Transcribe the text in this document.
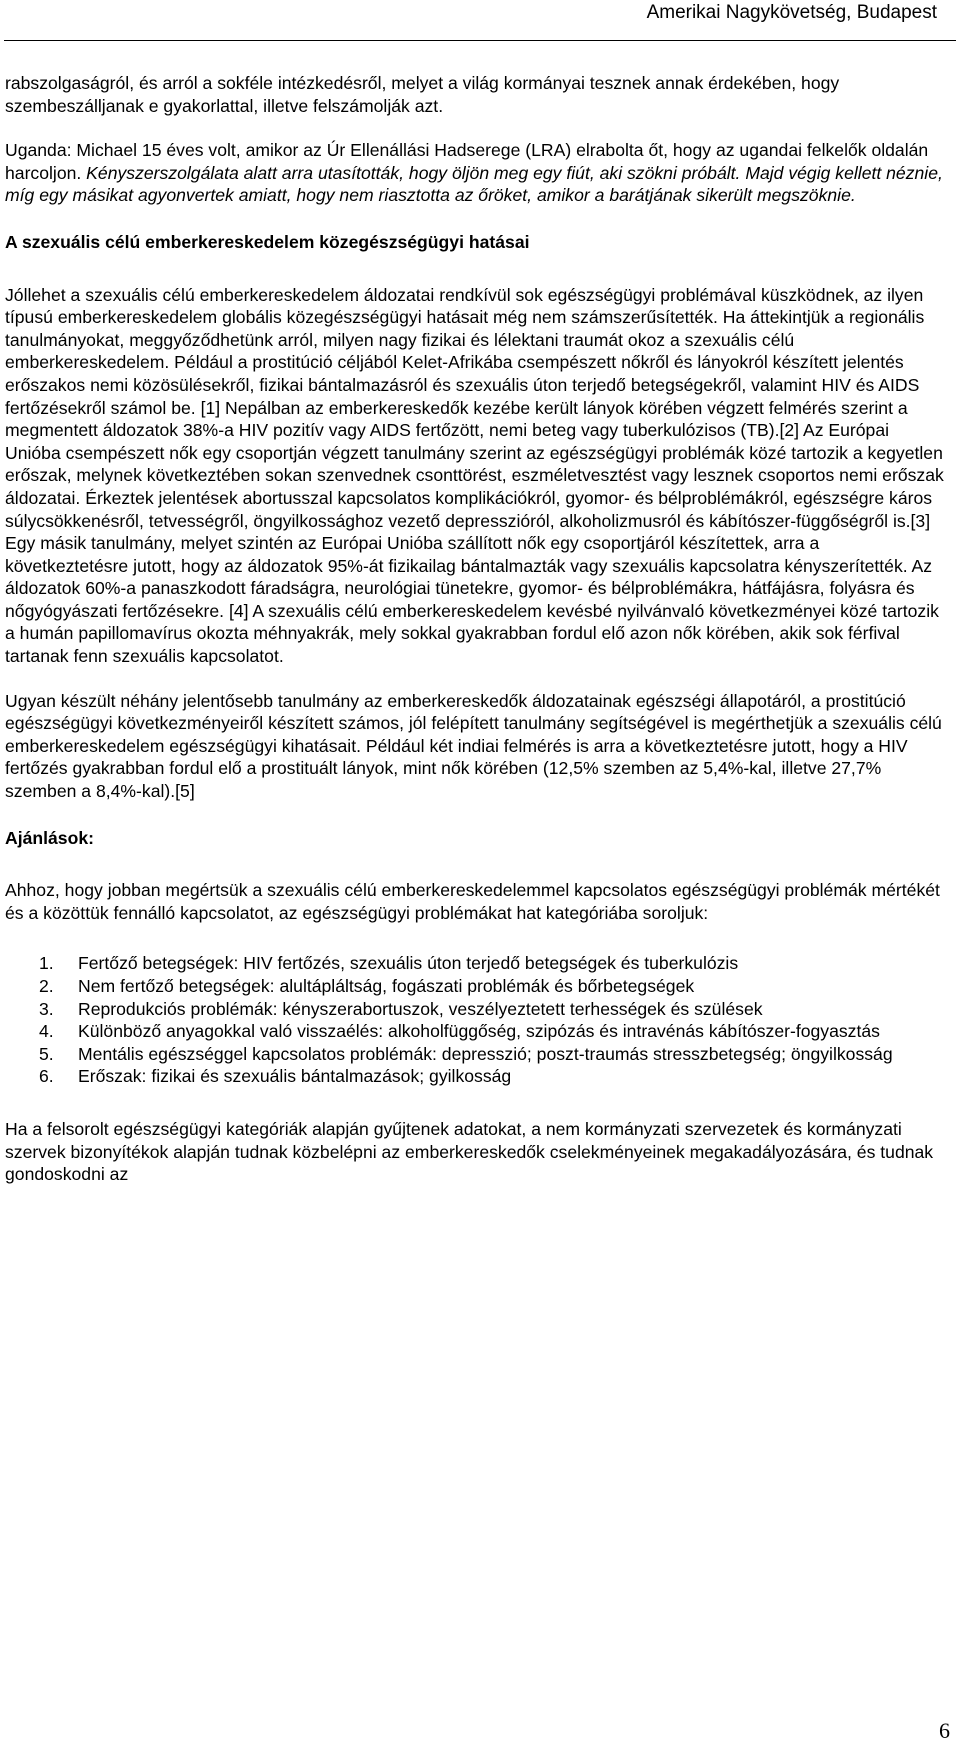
Amerikai Nagykövetség, Budapest

rabszolgaságról, és arról a sokféle intézkedésről, melyet a világ kormányai tesznek annak érdekében, hogy szembeszálljanak e gyakorlattal, illetve felszámolják azt.

Uganda: Michael 15 éves volt, amikor az Úr Ellenállási Hadserege (LRA) elrabolta őt, hogy az ugandai felkelők oldalán harcoljon. Kényszerszolgálata alatt arra utasították, hogy öljön meg egy fiút, aki szökni próbált. Majd végig kellett néznie, míg egy másikat agyonvertek amiatt, hogy nem riasztotta az őröket, amikor a barátjának sikerült megszöknie.

A szexuális célú emberkereskedelem közegészségügyi hatásai

Jóllehet a szexuális célú emberkereskedelem áldozatai rendkívül sok egészségügyi problémával küszködnek, az ilyen típusú emberkereskedelem globális közegészségügyi hatásait még nem számszerűsítették. Ha áttekintjük a regionális tanulmányokat, meggyőződhetünk arról, milyen nagy fizikai és lélektani traumát okoz a szexuális célú emberkereskedelem. Például a prostitúció céljából Kelet-Afrikába csempészett nőkről és lányokról készített jelentés erőszakos nemi közösülésekről, fizikai bántalmazásról és szexuális úton terjedő betegségekről, valamint HIV és AIDS fertőzésekről számol be. [1] Nepálban az emberkereskedők kezébe került lányok körében végzett felmérés szerint a megmentett áldozatok 38%-a HIV pozitív vagy AIDS fertőzött, nemi beteg vagy tuberkulózisos (TB).[2] Az Európai Unióba csempészett nők egy csoportján végzett tanulmány szerint az egészségügyi problémák közé tartozik a kegyetlen erőszak, melynek következtében sokan szenvednek csonttörést, eszméletvesztést vagy lesznek csoportos nemi erőszak áldozatai. Érkeztek jelentések abortusszal kapcsolatos komplikációkról, gyomor- és bélproblémákról, egészségre káros súlycsökkenésről, tetvességről, öngyilkossághoz vezető depresszióról, alkoholizmusról és kábítószer-függőségről is.[3] Egy másik tanulmány, melyet szintén az Európai Unióba szállított nők egy csoportjáról készítettek, arra a következtetésre jutott, hogy az áldozatok 95%-át fizikailag bántalmazták vagy szexuális kapcsolatra kényszerítették. Az áldozatok 60%-a panaszkodott fáradságra, neurológiai tünetekre, gyomor- és bélproblémákra, hátfájásra, folyásra és nőgyógyászati fertőzésekre. [4] A szexuális célú emberkereskedelem kevésbé nyilvánvaló következményei közé tartozik a humán papillomavírus okozta méhnyakrák, mely sokkal gyakrabban fordul elő azon nők körében, akik sok férfival tartanak fenn szexuális kapcsolatot.

Ugyan készült néhány jelentősebb tanulmány az emberkereskedők áldozatainak egészségi állapotáról, a prostitúció egészségügyi következményeiről készített számos, jól felépített tanulmány segítségével is megérthetjük a szexuális célú emberkereskedelem egészségügyi kihatásait. Például két indiai felmérés is arra a következtetésre jutott, hogy a HIV fertőzés gyakrabban fordul elő a prostituált lányok, mint nők körében (12,5% szemben az 5,4%-kal, illetve 27,7% szemben a 8,4%-kal).[5]

Ajánlások:

Ahhoz, hogy jobban megértsük a szexuális célú emberkereskedelemmel kapcsolatos egészségügyi problémák mértékét és a közöttük fennálló kapcsolatot, az egészségügyi problémákat hat kategóriába soroljuk:

1. Fertőző betegségek: HIV fertőzés, szexuális úton terjedő betegségek és tuberkulózis
2. Nem fertőző betegségek: alultápláltság, fogászati problémák és bőrbetegségek
3. Reprodukciós problémák: kényszerabortuszok, veszélyeztetett terhességek és szülések
4. Különböző anyagokkal való visszaélés: alkoholfüggőség, szipózás és intravénás kábítószer-fogyasztás
5. Mentális egészséggel kapcsolatos problémák: depresszió; poszt-traumás stresszbetegség; öngyilkosság
6. Erőszak: fizikai és szexuális bántalmazások; gyilkosság

Ha a felsorolt egészségügyi kategóriák alapján gyűjtenek adatokat, a nem kormányzati szervezetek és kormányzati szervek bizonyítékok alapján tudnak közbelépni az emberkereskedők cselekményeinek megakadályozására, és tudnak gondoskodni az

6
